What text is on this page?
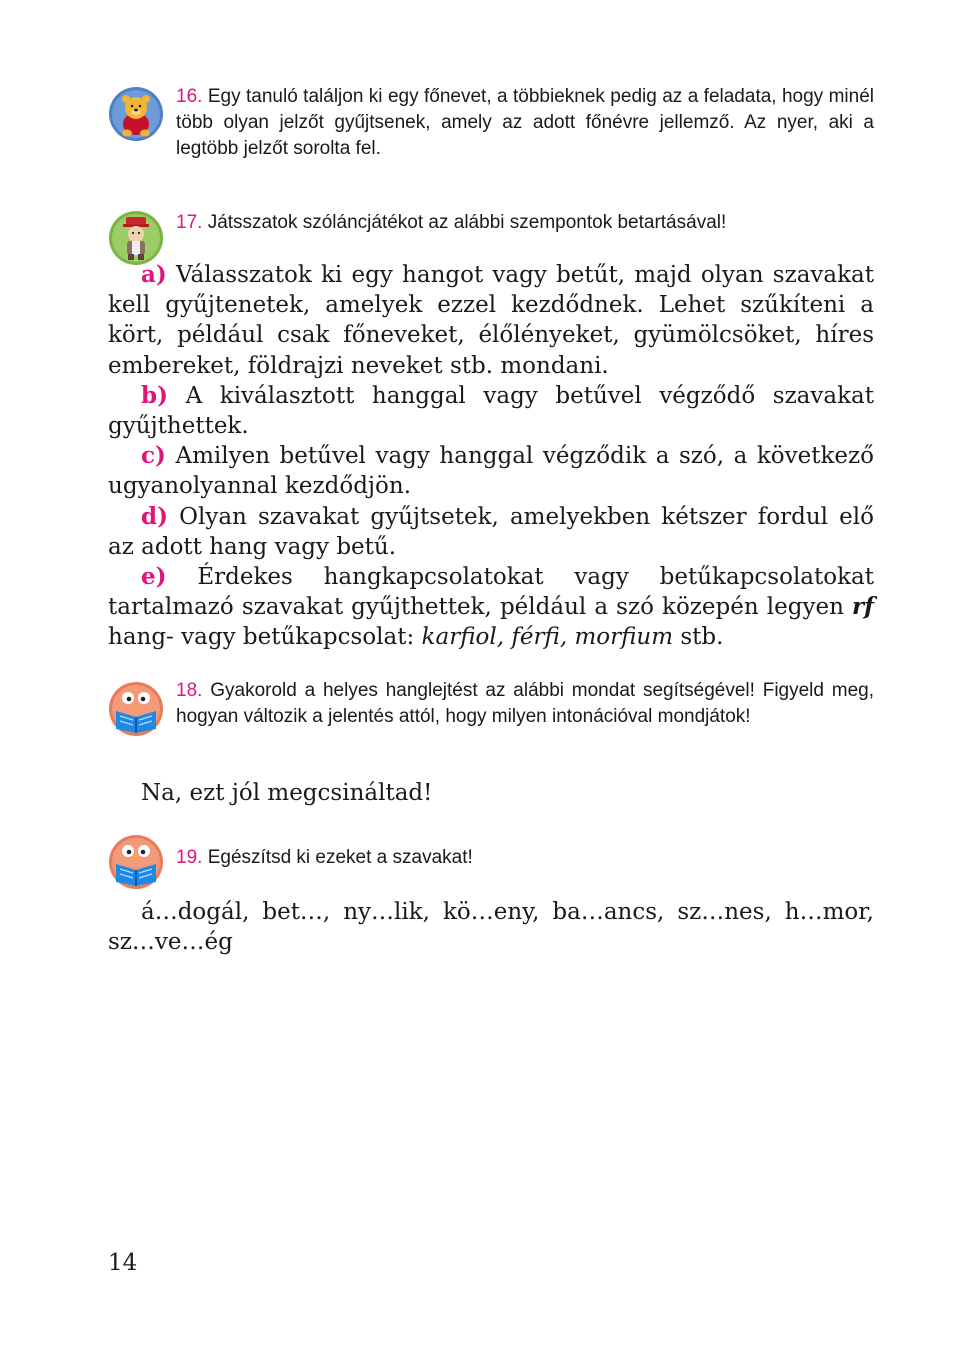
16. Egy tanuló találjon ki egy főnevet, a többieknek pedig az a feladata, hogy minél több olyan jelzőt gyűjtsenek, amely az adott főnévre jellemző. Az nyer, aki a legtöbb jelzőt sorolta fel.
17. Játsszatok szóláncjátékot az alábbi szempontok betartásával!

a) Válasszatok ki egy hangot vagy betűt, majd olyan szavakat kell gyűjtenetek, amelyek ezzel kezdődnek. Lehet szűkíteni a kört, például csak főneveket, élőlényeket, gyümölcsöket, híres embereket, földrajzi neveket stb. mondani.

b) A kiválasztott hanggal vagy betűvel végződő szavakat gyűjthettek.

c) Amilyen betűvel vagy hanggal végződik a szó, a következő ugyanolyannal kezdődjön.

d) Olyan szavakat gyűjtsetek, amelyekben kétszer fordul elő az adott hang vagy betű.

e) Érdekes hangkapcsolatokat vagy betűkapcsolatokat tartalmazó szavakat gyűjthettek, például a szó közepén legyen rf hang- vagy betűkapcsolat: karfiol, férfi, morfium stb.

18. Gyakorold a helyes hanglejtést az alábbi mondat segítségével! Figyeld meg, hogyan változik a jelentés attól, hogy milyen intonációval mondjátok!

Na, ezt jól megcsináltad!

19. Egészítsd ki ezeket a szavakat!

á…dogál, bet…, ny…lik, kö…eny, ba…ancs, sz…nes, h…mor, sz…ve…ég

14
